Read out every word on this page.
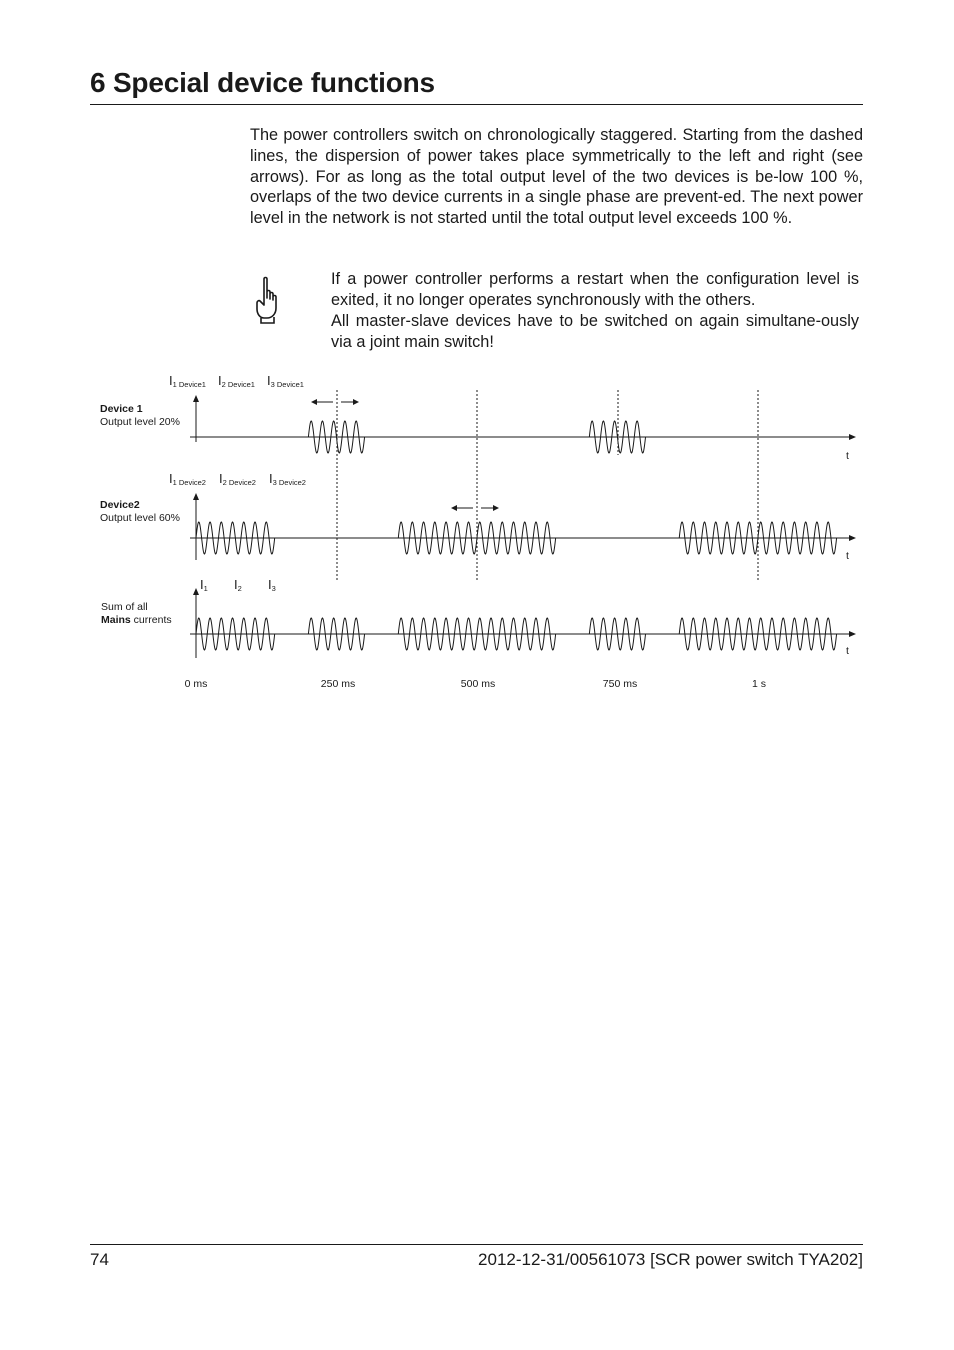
6 Special device functions

The power controllers switch on chronologically staggered. Starting from the dashed lines, the dispersion of power takes place symmetrically to the left and right (see arrows). For as long as the total output level of the two devices is be-low 100 %, overlaps of the two device currents in a single phase are prevent-ed. The next power level in the network is not started until the total output level exceeds 100 %.

If a power controller performs a restart when the configuration level is exited, it no longer operates synchronously with the others.

All master-slave devices have to be switched on again simultane-ously via a joint main switch!

I1 Device1 I2 Device1 I3 Device1
Device 1
Output level 20%
I1 Device2 I2 Device2 I3 Device2
Device2
Output level 60%
I1 I2 I3
Sum of all
Mains currents
t
t
t
0 ms	250 ms	500 ms	750 ms	1 s
74	2012-12-31/00561073 [SCR power switch TYA202]
